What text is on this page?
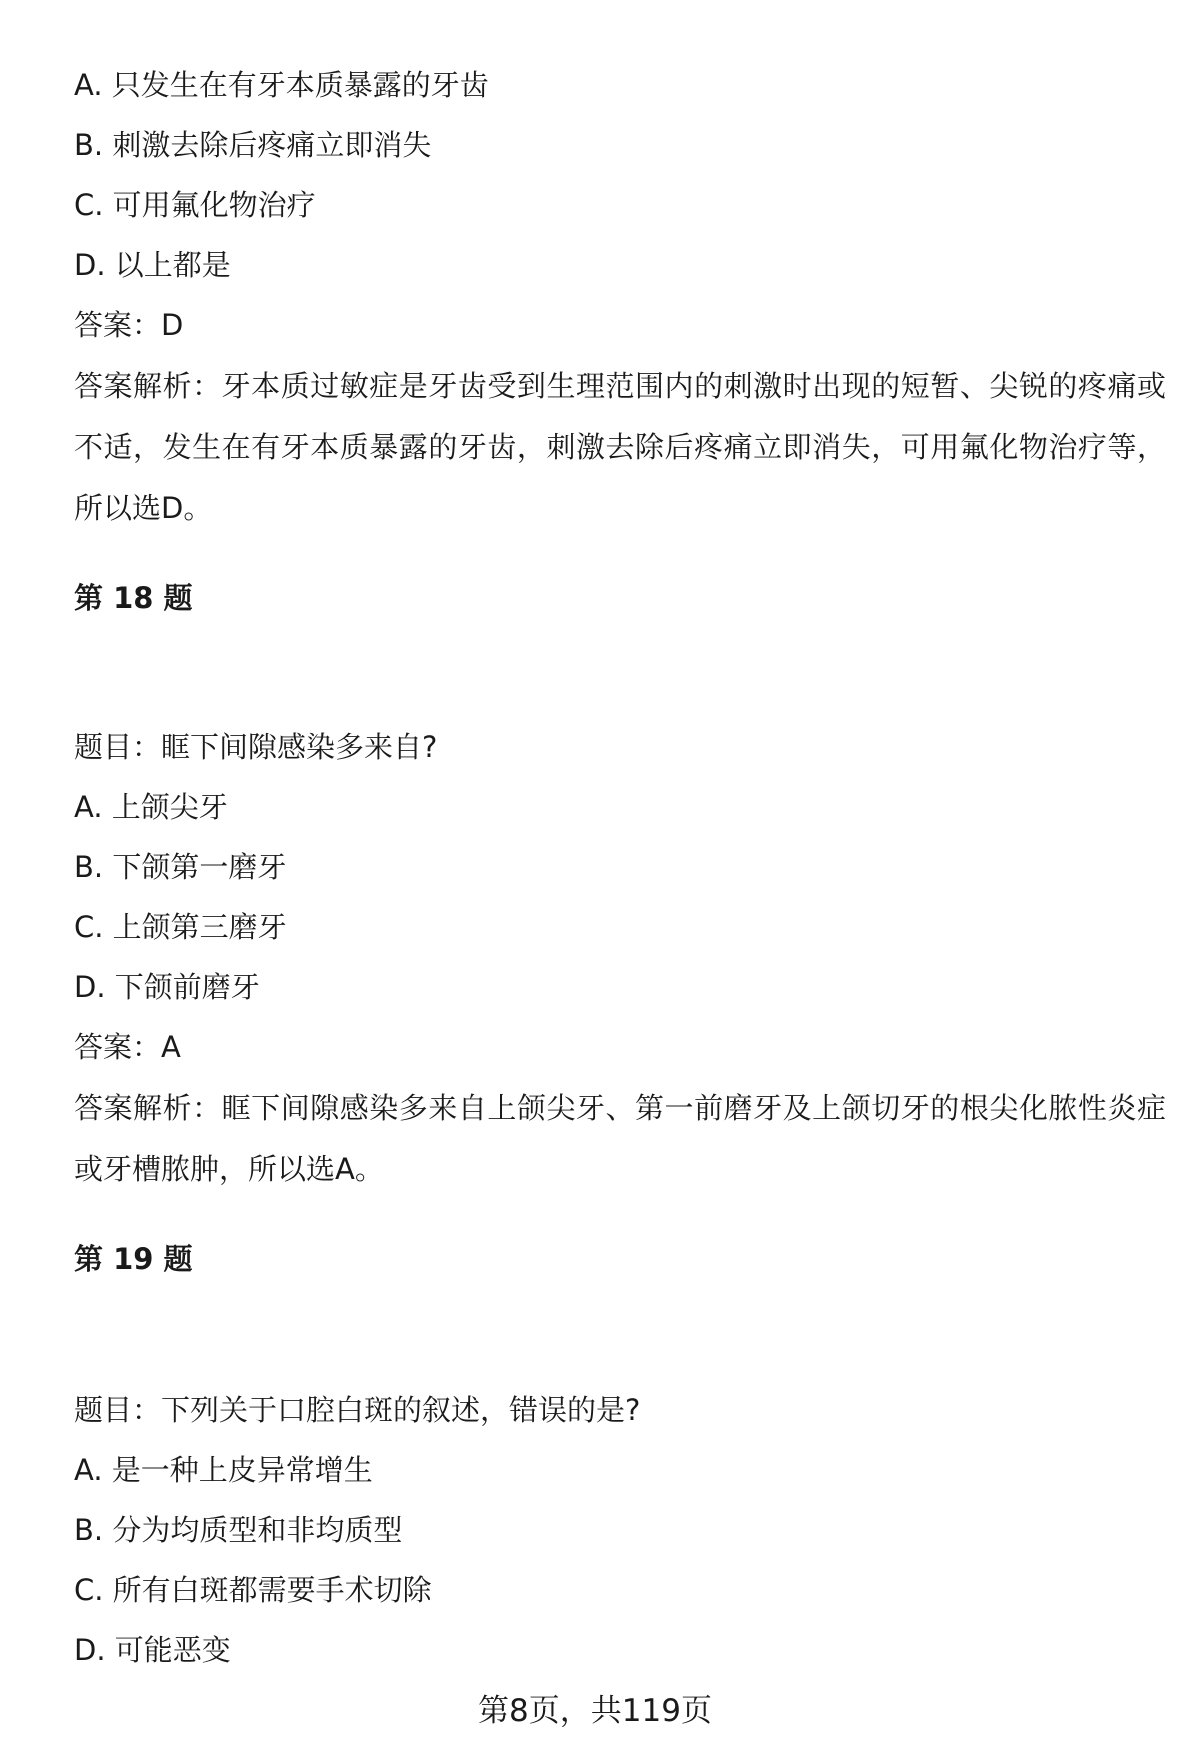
A. 只发生在有牙本质暴露的牙齿
B. 刺激去除后疼痛立即消失
C. 可用氟化物治疗
D. 以上都是
答案：D
答案解析：牙本质过敏症是牙齿受到生理范围内的刺激时出现的短暂、尖锐的疼痛或不适，发生在有牙本质暴露的牙齿，刺激去除后疼痛立即消失，可用氟化物治疗等，所以选D。
第 18 题
题目：眶下间隙感染多来自?
A. 上颌尖牙
B. 下颌第一磨牙
C. 上颌第三磨牙
D. 下颌前磨牙
答案：A
答案解析：眶下间隙感染多来自上颌尖牙、第一前磨牙及上颌切牙的根尖化脓性炎症或牙槽脓肿，所以选A。
第 19 题
题目：下列关于口腔白斑的叙述，错误的是?
A. 是一种上皮异常增生
B. 分为均质型和非均质型
C. 所有白斑都需要手术切除
D. 可能恶变
第8页，共119页
